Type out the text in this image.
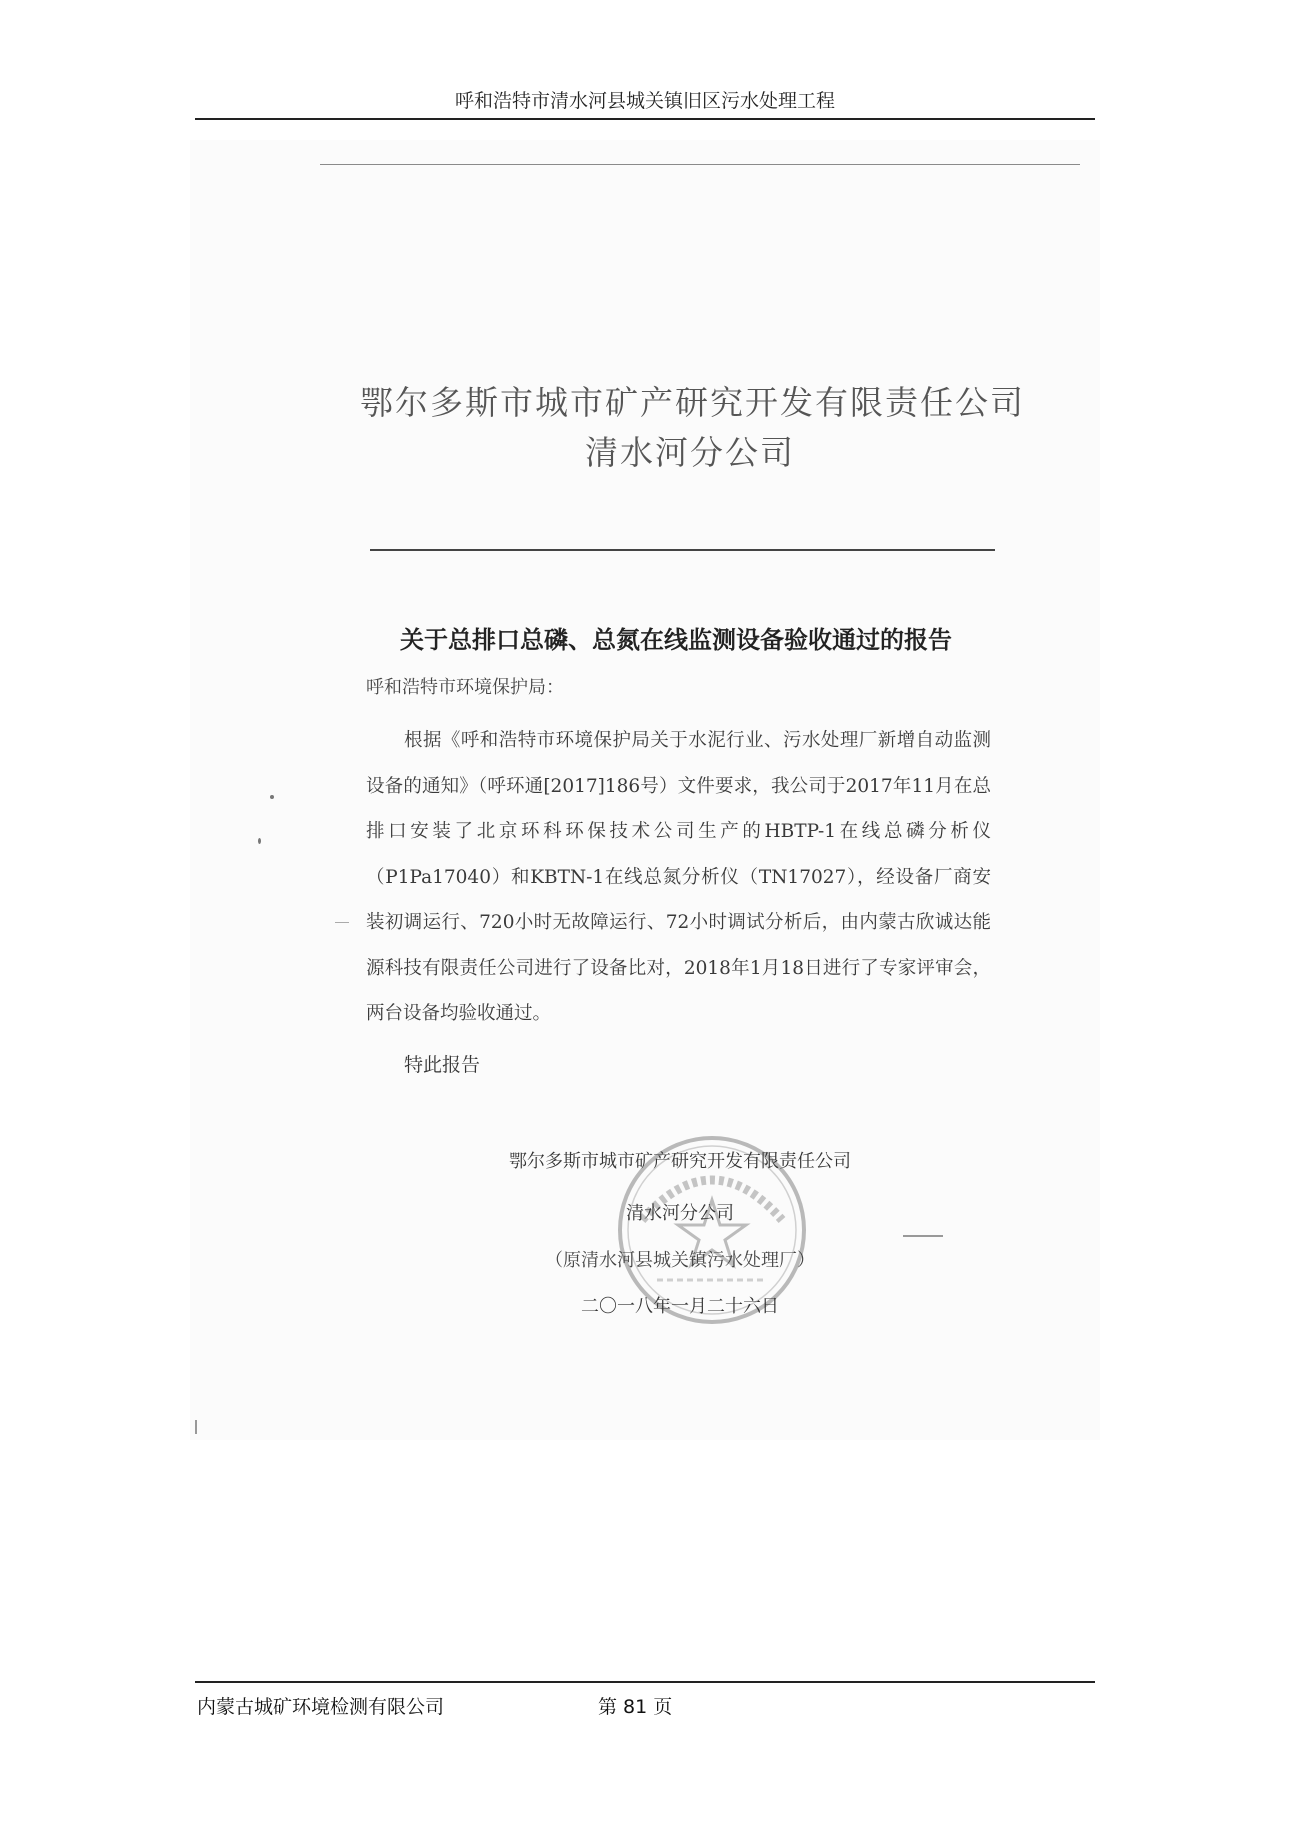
呼和浩特市清水河县城关镇旧区污水处理工程
鄂尔多斯市城市矿产研究开发有限责任公司
清水河分公司
关于总排口总磷、总氮在线监测设备验收通过的报告
呼和浩特市环境保护局：
根据《呼和浩特市环境保护局关于水泥行业、污水处理厂新增自动监测设备的通知》（呼环通[2017]186号）文件要求，我公司于2017年11月在总排口安装了北京环科环保技术公司生产的HBTP-1在线总磷分析仪（P1Pa17040）和KBTN-1在线总氮分析仪（TN17027），经设备厂商安装初调运行、720小时无故障运行、72小时调试分析后，由内蒙古欣诚达能源科技有限责任公司进行了设备比对，2018年1月18日进行了专家评审会，两台设备均验收通过。
特此报告
鄂尔多斯市城市矿产研究开发有限责任公司
清水河分公司
（原清水河县城关镇污水处理厂）
二〇一八年一月二十六日
内蒙古城矿环境检测有限公司	第 81 页
